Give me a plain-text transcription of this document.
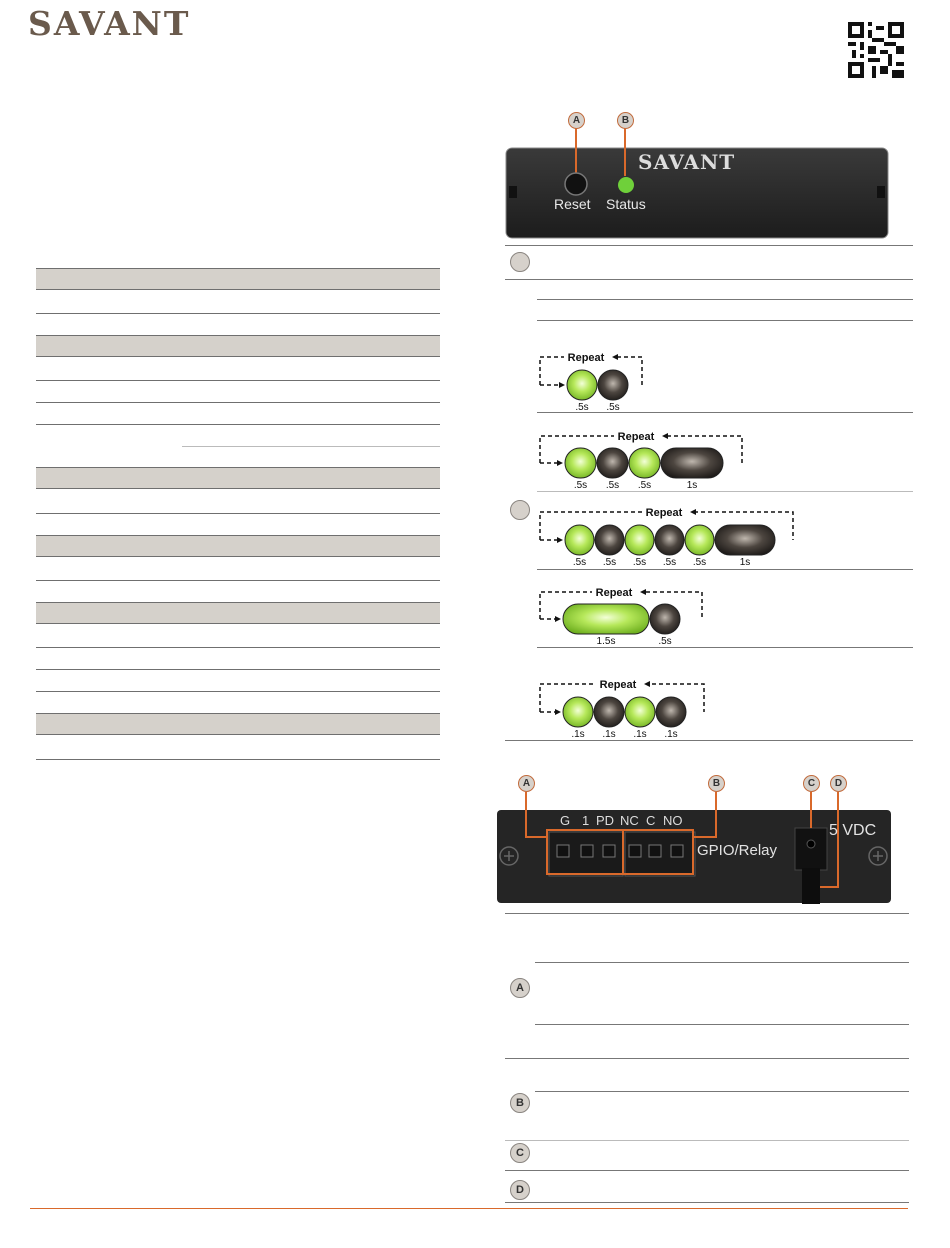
SAVANT
A	B
SAVANT
Reset Status
Repeat
.5s .5s
Repeat
.5s .5s .5s	1s
Repeat
.5s .5s .5s .5s .5s	1s
Repeat
1.5s	.5s
Repeat
.1s .1s .1s .1s
A	B	C	D
G 1 PD NC C NO
GPIO/Relay
5 VDC
A
B
C
D
